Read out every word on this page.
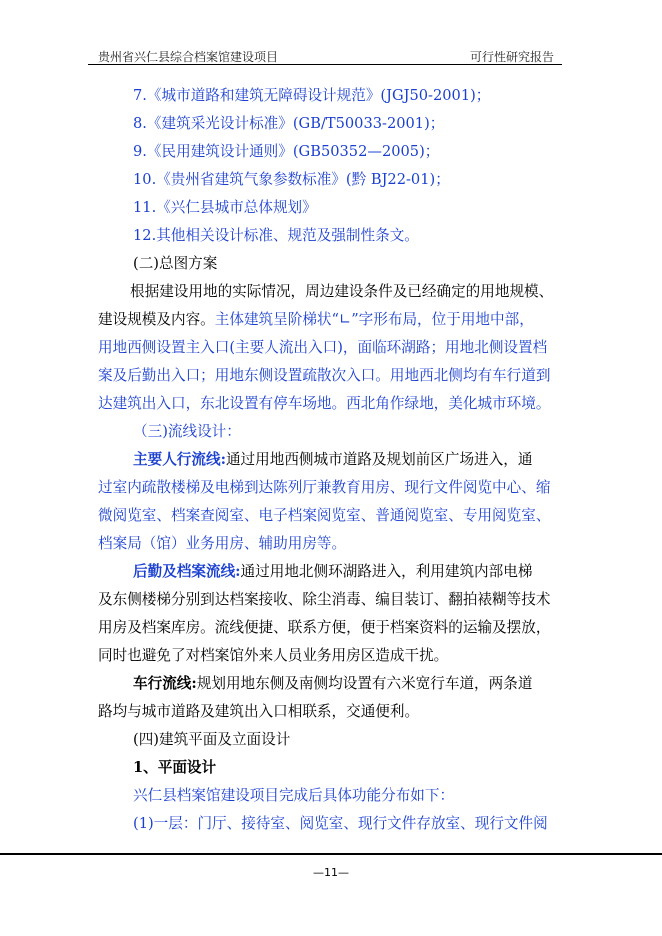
贵州省兴仁县综合档案馆建设项目	可行性研究报告
7.《城市道路和建筑无障碍设计规范》(JGJ50-2001)；
8.《建筑采光设计标准》(GB/T50033-2001)；
9.《民用建筑设计通则》(GB50352—2005)；
10.《贵州省建筑气象参数标准》(黔 BJ22-01)；
11.《兴仁县城市总体规划》
12.其他相关设计标准、规范及强制性条文。
(二)总图方案
根据建设用地的实际情况，周边建设条件及已经确定的用地规模、
建设规模及内容。主体建筑呈阶梯状“∟”字形布局，位于用地中部，
用地西侧设置主入口(主要人流出入口)，面临环湖路；用地北侧设置档
案及后勤出入口；用地东侧设置疏散次入口。用地西北侧均有车行道到
达建筑出入口，东北设置有停车场地。西北角作绿地，美化城市环境。
（三)流线设计：
主要人行流线:通过用地西侧城市道路及规划前区广场进入，通
过室内疏散楼梯及电梯到达陈列厅兼教育用房、现行文件阅览中心、缩
微阅览室、档案查阅室、电子档案阅览室、普通阅览室、专用阅览室、
档案局（馆）业务用房、辅助用房等。
后勤及档案流线:通过用地北侧环湖路进入，利用建筑内部电梯
及东侧楼梯分别到达档案接收、除尘消毒、编目装订、翻拍裱糊等技术
用房及档案库房。流线便捷、联系方便，便于档案资料的运输及摆放，
同时也避免了对档案馆外来人员业务用房区造成干扰。
车行流线:规划用地东侧及南侧均设置有六米宽行车道，两条道
路均与城市道路及建筑出入口相联系，交通便利。
(四)建筑平面及立面设计
1、平面设计
兴仁县档案馆建设项目完成后具体功能分布如下：
(1)一层：门厅、接待室、阅览室、现行文件存放室、现行文件阅
—11—
